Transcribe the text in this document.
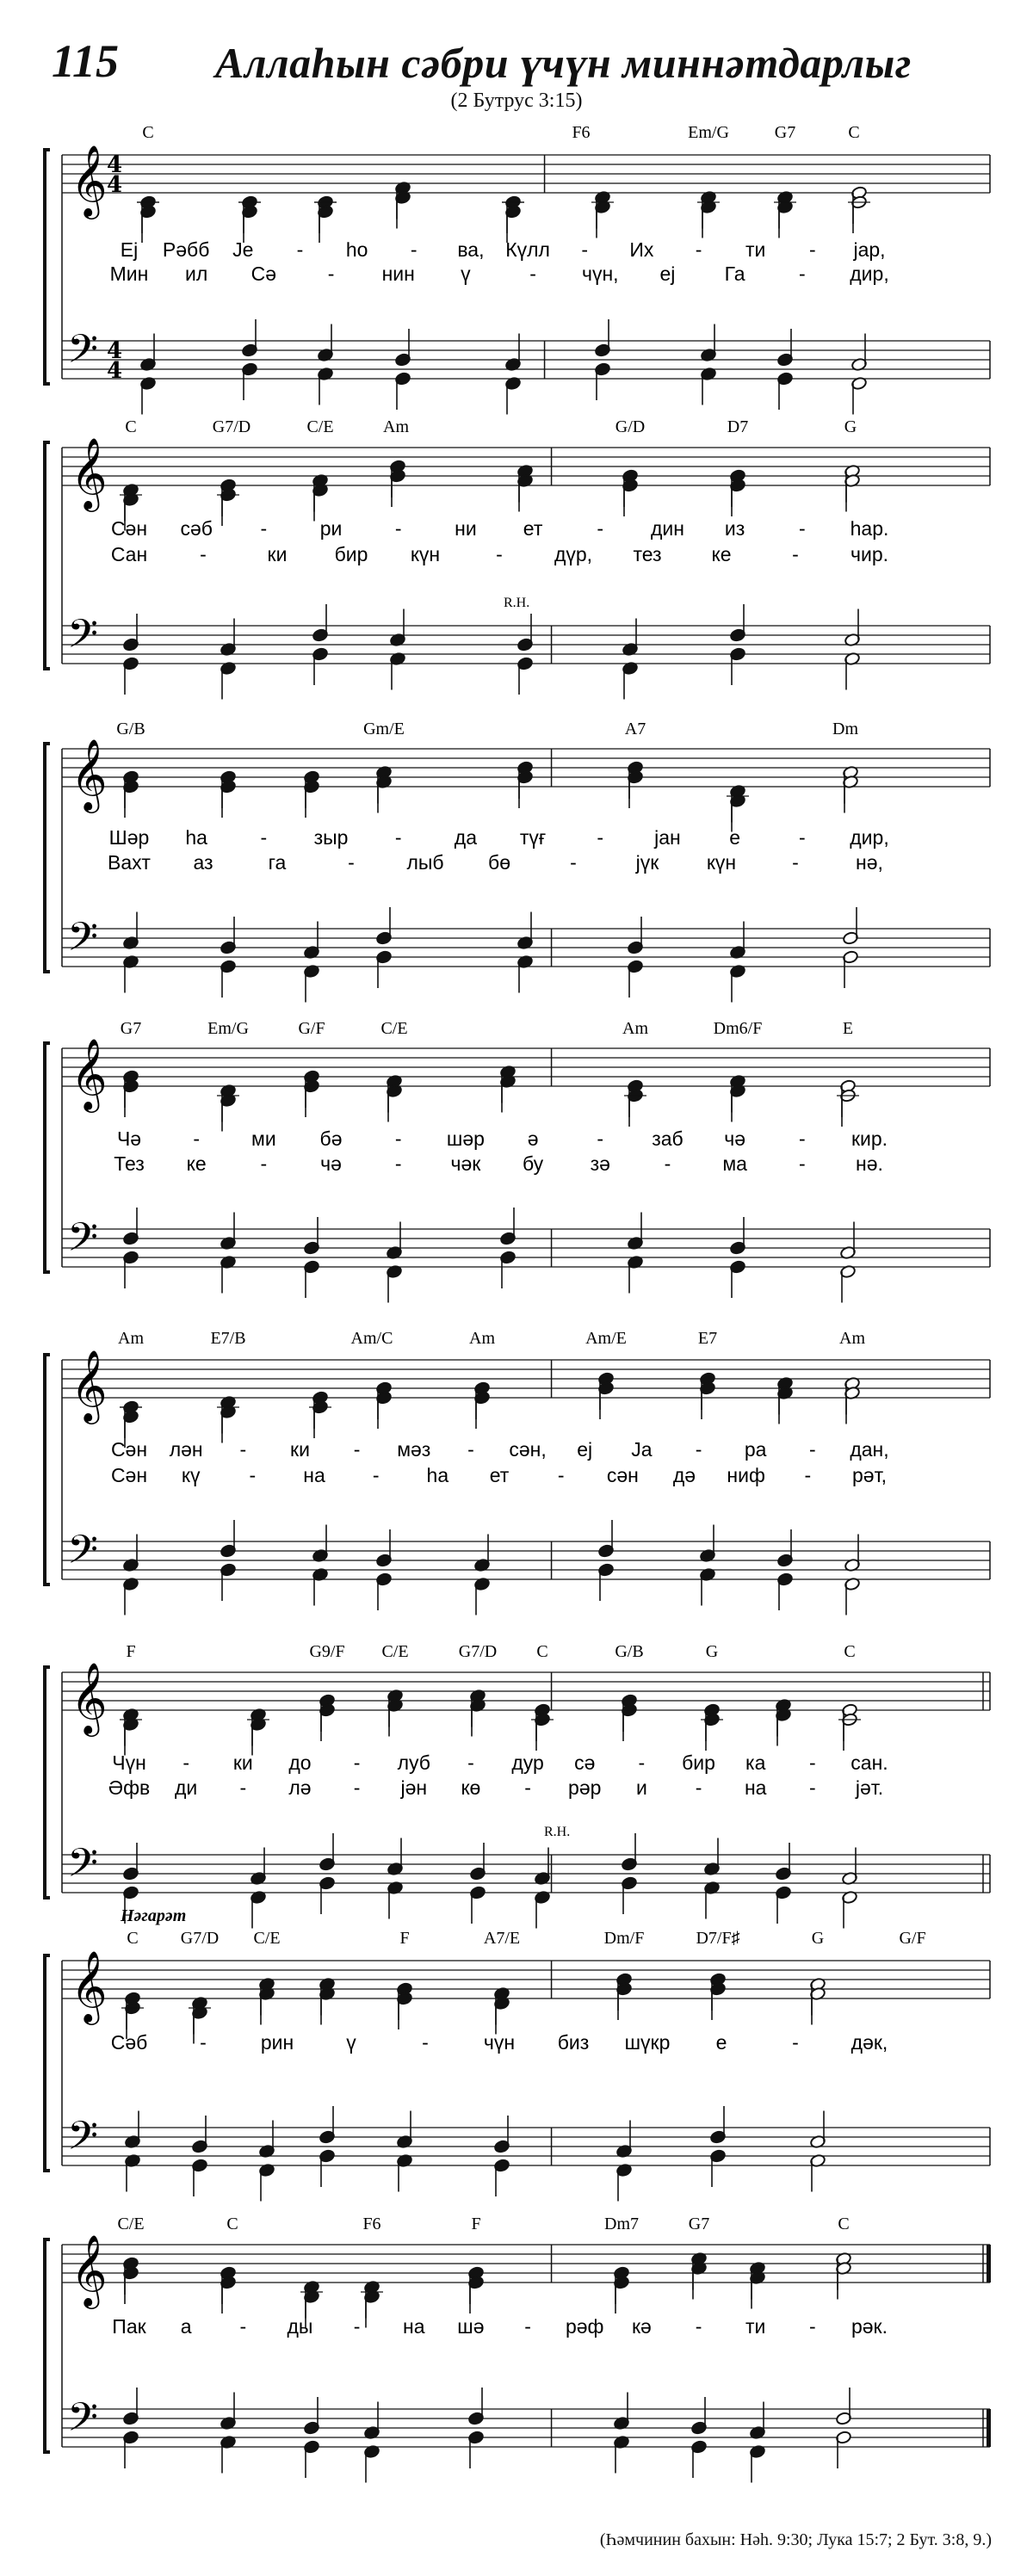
115 Аллаһын сәбри үчүн миннәтдарлыг
(2 Бутрус 3:15)
𝄞
𝄢
4
4
4
4
C	F6	Em/G	G7	C
Еј Рәбб Је - һо - ва, Күлл - Их - ти - јар,
Мин ил Сә	- нин ү	- чүн, еј Га	- дир,
𝄞
𝄢
C	G7/D	C/E	Am	G/D	D7	G
R.H.
Сән сәб -	ри	-	ни ет	- дин из	- һар.
Сан	-	ки бир күн	-	дүр, тез	ке	-	чир.
𝄞
𝄢
G/B	Gm/E	A7	Dm
Шәр һа	- зыр -	да түғ	-	јан е	- дир,
Вахт аз	га	-	лыб бө	-	јүк күн	-	нә,
𝄞
𝄢
G7	Em/G	G/F	C/E	Am	Dm6/F	E
Чә	-	ми бә	- шәр ә	- заб чә	- кир.
Тез ке	-	чә	- чәк бу зә	-	ма	-	нә.
𝄞
𝄢
Am	E7/B	Am/C	Am	Am/E	E7	Am
Сән лән - ки - мәз - сән, еј Ја - ра - дан,
Сән кү - на - һа ет - сән дә ниф - рәт,
𝄞
𝄢
F	G9/F C/E	G7/D C	G/B	G	C
R.H.
Чүн - ки до - луб - дур сә - бир ка - сан.
Әфв ди - лә - јән кө - рәр и - на - јәт.
𝄞
𝄢
Нәгарәт
C G7/D C/E	F	A7/E	Dm/F	D7/F♯	G	G/F
Сәб	-	рин	ү	-	чүн биз шүкр е	-	дәк,
𝄞
𝄢
C/E	C	F6	F	Dm7	G7	C
Пак а - ды - на шә - рәф кә - ти - рәк.
(Һәмчинин бахын: Нәһ. 9:30; Лука 15:7; 2 Бут. 3:8, 9.)
